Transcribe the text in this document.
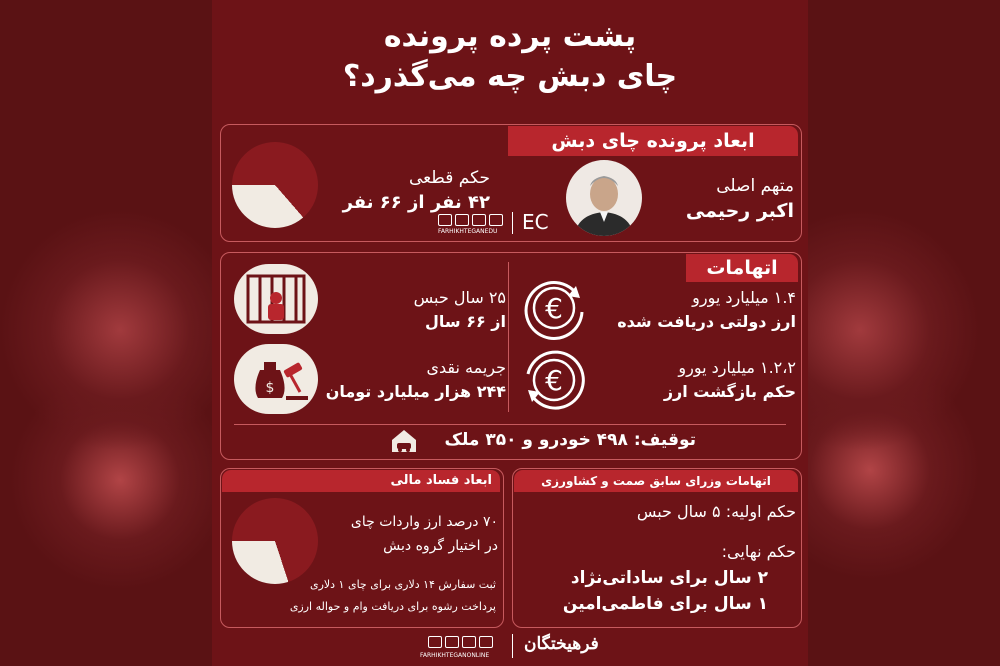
پشت پرده پرونده
چای دبش چه می‌گذرد؟
ابعاد پرونده چای دبش
متهم اصلی
اکبر رحیمی
EC
FARHIKHTEGANEDU
حکم قطعی
۴۲ نفر از ۶۶ نفر
اتهامات
€	۱.۴ میلیارد یورو
ارز دولتی دریافت شده
۲۵ سال حبس
از ۶۶ سال
€	۱.۲،۲ میلیارد یورو
حکم بازگشت ارز
$
جریمه نقدی
۲۴۴ هزار میلیارد تومان
توقیف: ۴۹۸ خودرو و ۳۵۰ ملک
ابعاد فساد مالی
۷۰ درصد ارز واردات چای
در اختیار گروه دبش
ثبت سفارش ۱۴ دلاری برای چای ۱ دلاری
پرداخت رشوه برای دریافت وام و حواله ارزی
اتهامات وزرای سابق صمت و کشاورزی
حکم اولیه: ۵ سال حبس
حکم نهایی:
۲ سال برای ساداتی‌نژاد
۱ سال برای فاطمی‌امین
FARHIKHTEGANONLINE
فرهیختگان
